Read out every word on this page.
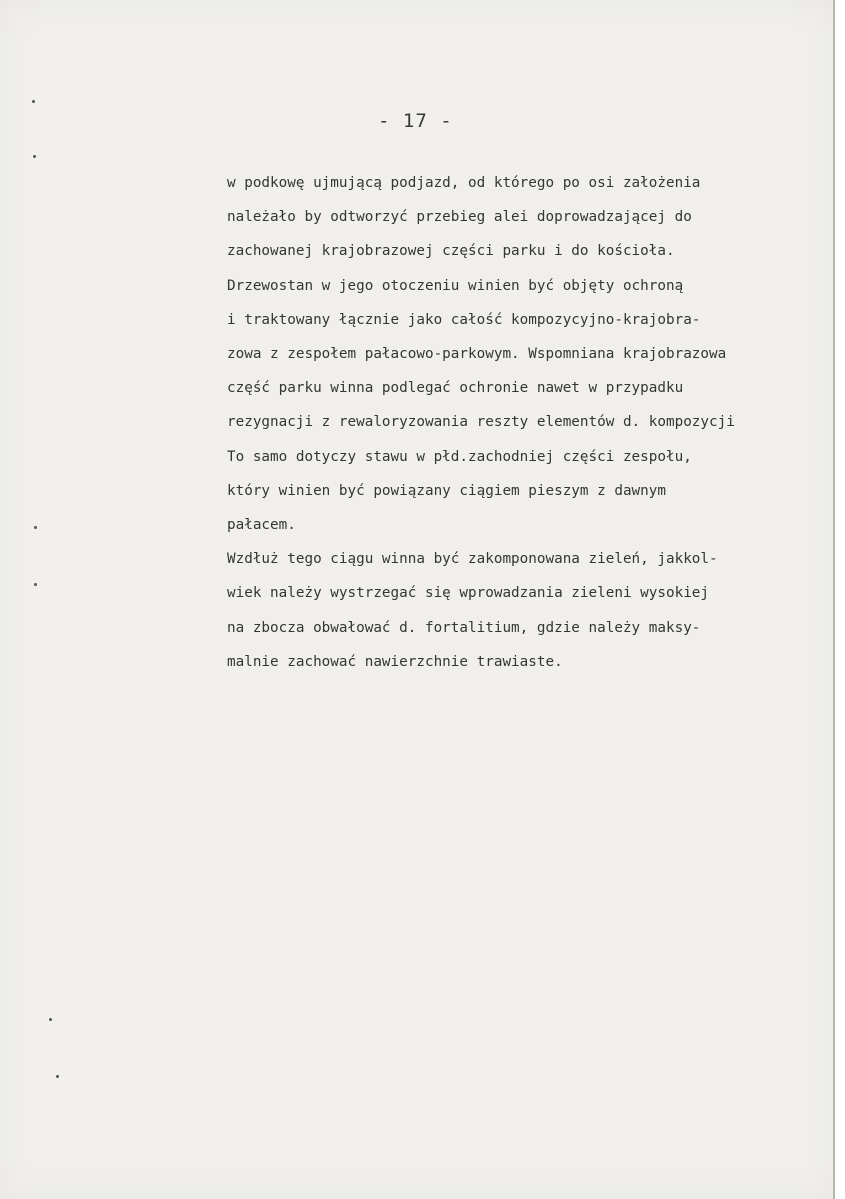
- 17 -
w podkowę ujmującą podjazd, od którego po osi założenia
należało by odtworzyć przebieg alei doprowadzającej do
zachowanej krajobrazowej części parku i do kościoła.
Drzewostan w jego otoczeniu winien być objęty ochroną
i traktowany łącznie jako całość kompozycyjno-krajobra-
zowa z zespołem pałacowo-parkowym. Wspomniana krajobrazowa
część parku winna podlegać ochronie nawet w przypadku
rezygnacji z rewaloryzowania reszty elementów d. kompozycji
To samo dotyczy stawu w płd.zachodniej części zespołu,
który winien być powiązany ciągiem pieszym z dawnym
pałacem.
Wzdłuż tego ciągu winna być zakomponowana zieleń, jakkol-
wiek należy wystrzegać się wprowadzania zieleni wysokiej
na zbocza obwałować d. fortalitium, gdzie należy maksy-
malnie zachować nawierzchnie trawiaste.
